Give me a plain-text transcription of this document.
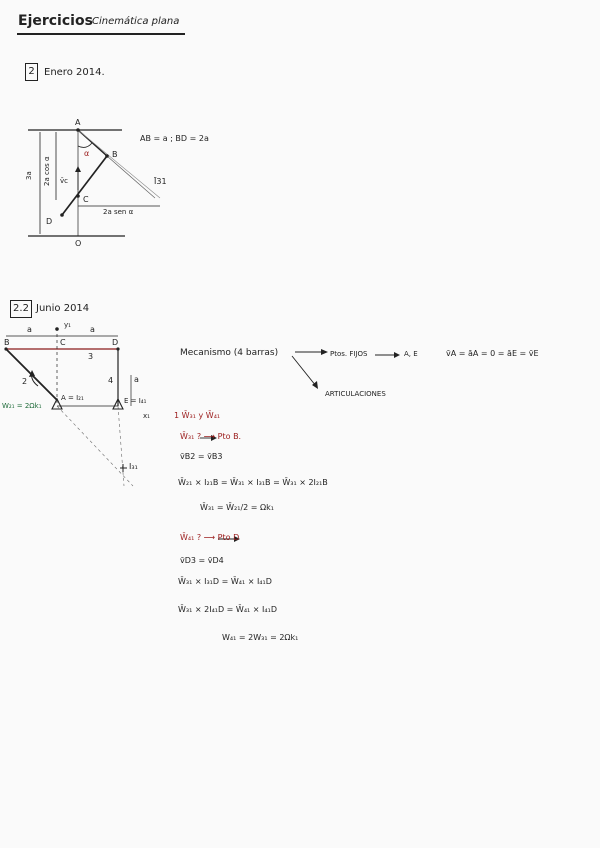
Ejercicios Cinemática plana
2 Enero 2014.
A
B
C
D
O
α
3a 2a cos α
2a sen α
v̄c	Ī31
AB = a ; BD = 2a
2.2 Junio 2014
a	a
y₁
B	C	D
3
4
2	a
A = I₂₁	E = I₄₁
x₁
W₂₁ = 2Ωk₁
I₃₁
Mecanismo (4 barras)	Ptos. FIJOS	A, E	v̄A = āA = 0 = āE = v̄E
ARTICULACIONES
1 W̄₃₁ y W̄₄₁
W̄₃₁ ? ⟶ Pto B.
v̄B2 = v̄B3
W̄₂₁ × I₂₁B = W̄₃₁ × I₃₁B = W̄₃₁ × 2I₂₁B
W̄₃₁ = W̄₂₁/2 = Ωk₁
W̄₄₁ ? ⟶ Pto D
v̄D3 = v̄D4
W̄₃₁ × I₃₁D = W̄₄₁ × I₄₁D
W̄₃₁ × 2I₄₁D = W̄₄₁ × I₄₁D
W₄₁ = 2W₃₁ = 2Ωk₁
